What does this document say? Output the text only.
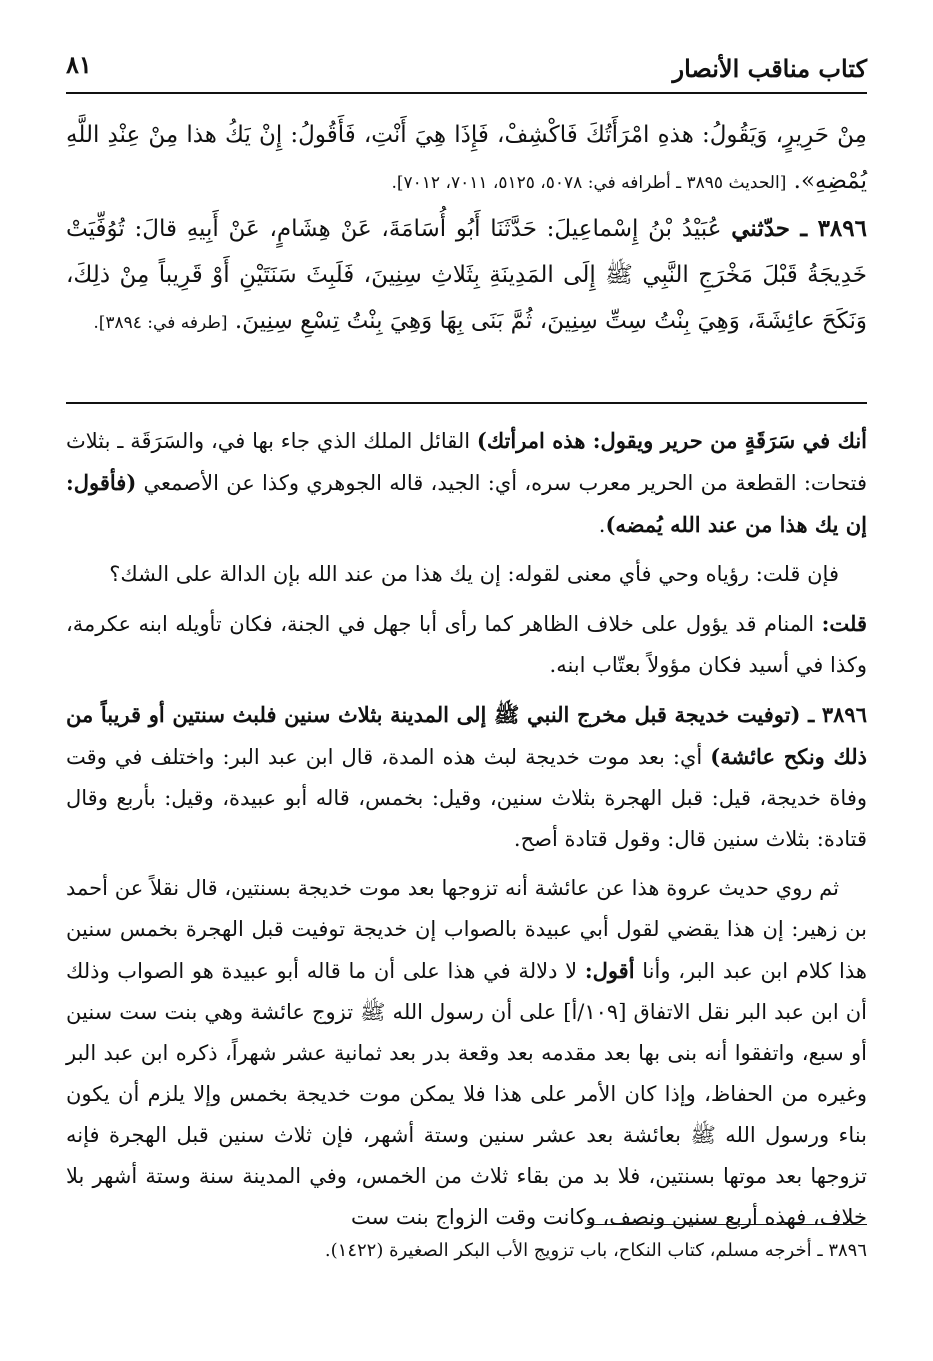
كتاب مناقب الأنصار
٨١

مِنْ حَرِيرٍ، وَيَقُولُ: هذهِ امْرَأَتُكَ فَاكْشِفْ، فَإِذَا هِيَ أَنْتِ، فَأَقُولُ: إِنْ يَكُ هذا مِنْ عِنْدِ اللَّهِ يُمْضِهِ». [الحديث ٣٨٩٥ ـ أطرافه في: ٥٠٧٨، ٥١٢٥، ٧٠١١، ٧٠١٢].

٣٨٩٦ ـ حدّثني عُبَيْدُ بْنُ إِسْماعِيلَ: حَدَّثَنَا أَبُو أُسَامَةَ، عَنْ هِشَامٍ، عَنْ أَبِيهِ قالَ: تُوُفِّيَتْ خَدِيجَةُ قَبْلَ مَخْرَجِ النَّبِي ﷺ إِلَى المَدِينَةِ بِثَلاثِ سِنِينَ، فَلَبِثَ سَنَتَيْنِ أَوْ قَرِيباً مِنْ ذلِكَ، وَنَكَحَ عائِشَةَ، وَهِيَ بِنْتُ سِتِّ سِنِينَ، ثُمَّ بَنَى بِهَا وَهِيَ بِنْتُ تِسْعِ سِنِينَ. [طرفه في: ٣٨٩٤].

أنك في سَرَقَةٍ من حرير ويقول: هذه امرأتك) القائل الملك الذي جاء بها في، والسَرَقَة ـ بثلاث فتحات: القطعة من الحرير معرب سره، أي: الجيد، قاله الجوهري وكذا عن الأصمعي (فأقول: إن يك هذا من عند الله يُمضه).

فإن قلت: رؤياه وحي فأي معنى لقوله: إن يك هذا من عند الله بإن الدالة على الشك؟

قلت: المنام قد يؤول على خلاف الظاهر كما رأى أبا جهل في الجنة، فكان تأويله ابنه عكرمة، وكذا في أسيد فكان مؤولاً بعتّاب ابنه.

٣٨٩٦ ـ (توفيت خديجة قبل مخرج النبي ﷺ إلى المدينة بثلاث سنين فلبث سنتين أو قريباً من ذلك ونكح عائشة) أي: بعد موت خديجة لبث هذه المدة، قال ابن عبد البر: واختلف في وقت وفاة خديجة، قيل: قبل الهجرة بثلاث سنين، وقيل: بخمس، قاله أبو عبيدة، وقيل: بأربع وقال قتادة: بثلاث سنين قال: وقول قتادة أصح.

ثم روي حديث عروة هذا عن عائشة أنه تزوجها بعد موت خديجة بسنتين، قال نقلاً عن أحمد بن زهير: إن هذا يقضي لقول أبي عبيدة بالصواب إن خديجة توفيت قبل الهجرة بخمس سنين هذا كلام ابن عبد البر، وأنا أقول: لا دلالة في هذا على أن ما قاله أبو عبيدة هو الصواب وذلك أن ابن عبد البر نقل الاتفاق [١٠٩/أ] على أن رسول الله ﷺ تزوج عائشة وهي بنت ست سنين أو سبع، واتفقوا أنه بنى بها بعد مقدمه بعد وقعة بدر بعد ثمانية عشر شهراً، ذكره ابن عبد البر وغيره من الحفاظ، وإذا كان الأمر على هذا فلا يمكن موت خديجة بخمس وإلا يلزم أن يكون بناء ورسول الله ﷺ بعائشة بعد عشر سنين وستة أشهر، فإن ثلاث سنين قبل الهجرة فإنه تزوجها بعد موتها بسنتين، فلا بد من بقاء ثلاث من الخمس، وفي المدينة سنة وستة أشهر بلا خلاف، فهذه أربع سنين ونصف، وكانت وقت الزواج بنت ست

٣٨٩٦ ـ أخرجه مسلم، كتاب النكاح، باب تزويج الأب البكر الصغيرة (١٤٢٢).
